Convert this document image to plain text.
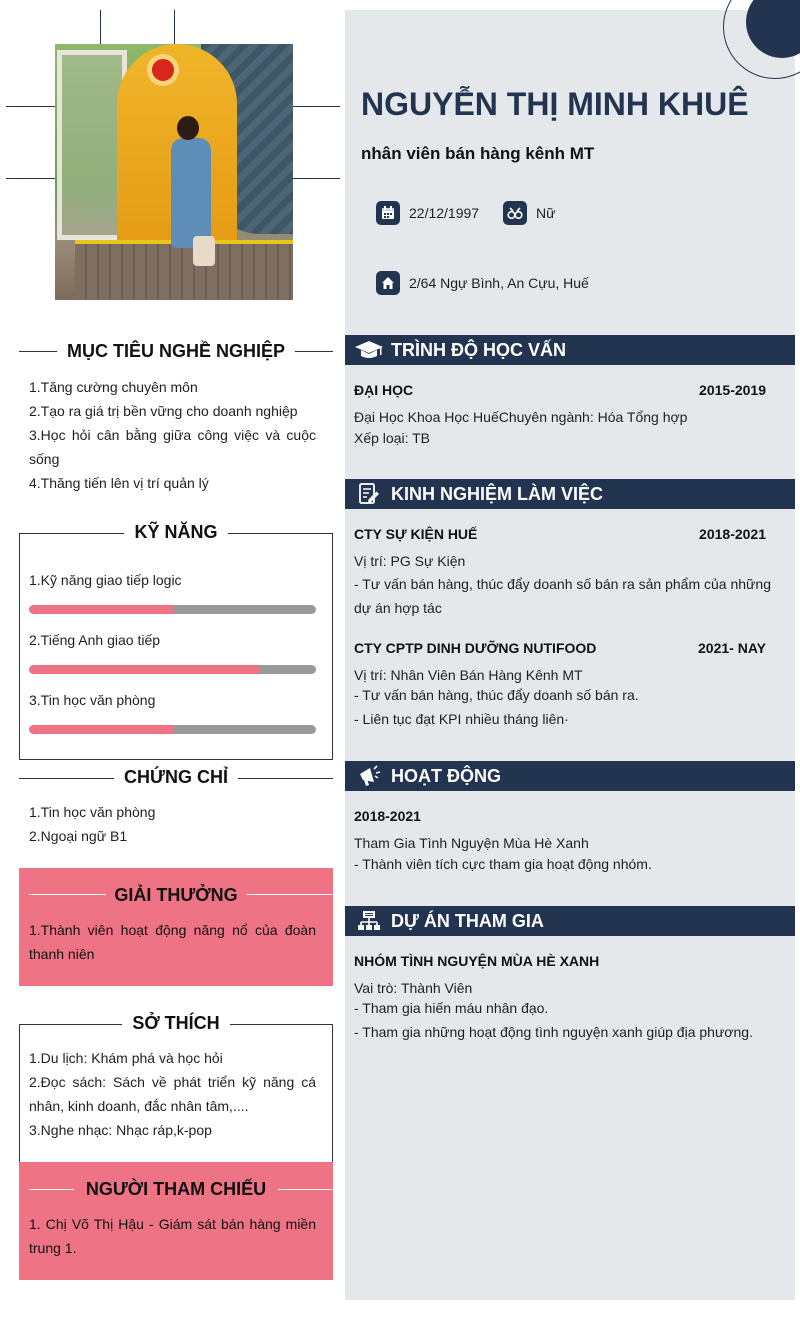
MỤC TIÊU NGHỀ NGHIỆP
1.Tăng cường chuyên môn
2.Tạo ra giá trị bền vững cho doanh nghiệp
3.Học hỏi cân bằng giữa công việc và cuộc sống
4.Thăng tiến lên vị trí quản lý
KỸ NĂNG
1.Kỹ năng giao tiếp logic
2.Tiếng Anh giao tiếp
3.Tin học văn phòng
CHỨNG CHỈ
1.Tin học văn phòng
2.Ngoại ngữ B1
GIẢI THƯỞNG
1.Thành viên hoạt động năng nổ của đoàn thanh niên
SỞ THÍCH
1.Du lịch: Khám phá và học hỏi
2.Đọc sách: Sách về phát triển kỹ năng cá nhân, kinh doanh, đắc nhân tâm,....
3.Nghe nhạc: Nhạc ráp,k-pop
NGƯỜI THAM CHIẾU
1. Chị Võ Thị Hậu - Giám sát bán hàng miền trung 1.
NGUYỄN THỊ MINH KHUÊ
nhân viên bán hàng kênh MT
22/12/1997	Nữ
2/64 Ngự Bình, An Cựu, Huế
TRÌNH ĐỘ HỌC VẤN
ĐẠI HỌC	2015-2019
Đại Học Khoa Học HuếChuyên ngành: Hóa Tổng hợp
Xếp loại: TB
KINH NGHIỆM LÀM VIỆC
CTY SỰ KIỆN HUẾ	2018-2021
Vị trí: PG Sự Kiện
- Tư vấn bán hàng, thúc đẩy doanh số bán ra sản phẩm của những dự án hợp tác
CTY CPTP DINH DƯỠNG NUTIFOOD	2021- NAY
Vị trí: Nhân Viên Bán Hàng Kênh MT
- Tư vấn bán hàng, thúc đẩy doanh số bán ra.
- Liên tục đạt KPI nhiều tháng liên·
HOẠT ĐỘNG
2018-2021
Tham Gia Tình Nguyện Mùa Hè Xanh
- Thành viên tích cực tham gia hoạt động nhóm.
DỰ ÁN THAM GIA
NHÓM TÌNH NGUYỆN MÙA HÈ XANH
Vai trò: Thành Viên
- Tham gia hiến máu nhân đạo.
- Tham gia những hoạt động tình nguyện xanh giúp địa phương.
